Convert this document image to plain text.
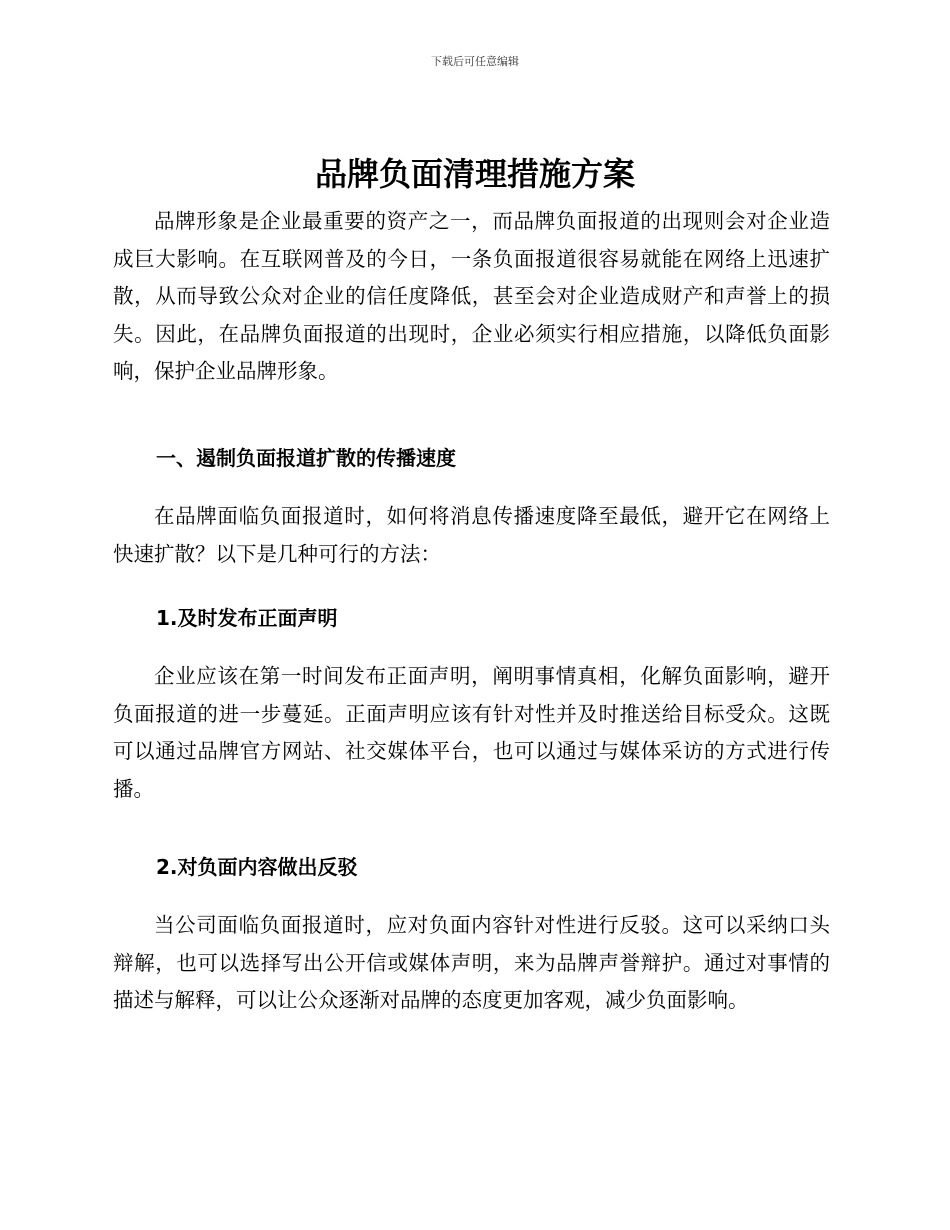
下载后可任意编辑
品牌负面清理措施方案

品牌形象是企业最重要的资产之一，而品牌负面报道的出现则会对企业造成巨大影响。在互联网普及的今日，一条负面报道很容易就能在网络上迅速扩散，从而导致公众对企业的信任度降低，甚至会对企业造成财产和声誉上的损失。因此，在品牌负面报道的出现时，企业必须实行相应措施，以降低负面影响，保护企业品牌形象。

一、遏制负面报道扩散的传播速度

在品牌面临负面报道时，如何将消息传播速度降至最低，避开它在网络上快速扩散？以下是几种可行的方法：

1.及时发布正面声明

企业应该在第一时间发布正面声明，阐明事情真相，化解负面影响，避开负面报道的进一步蔓延。正面声明应该有针对性并及时推送给目标受众。这既可以通过品牌官方网站、社交媒体平台，也可以通过与媒体采访的方式进行传播。

2.对负面内容做出反驳

当公司面临负面报道时，应对负面内容针对性进行反驳。这可以采纳口头辩解，也可以选择写出公开信或媒体声明，来为品牌声誉辩护。通过对事情的描述与解释，可以让公众逐渐对品牌的态度更加客观，减少负面影响。
